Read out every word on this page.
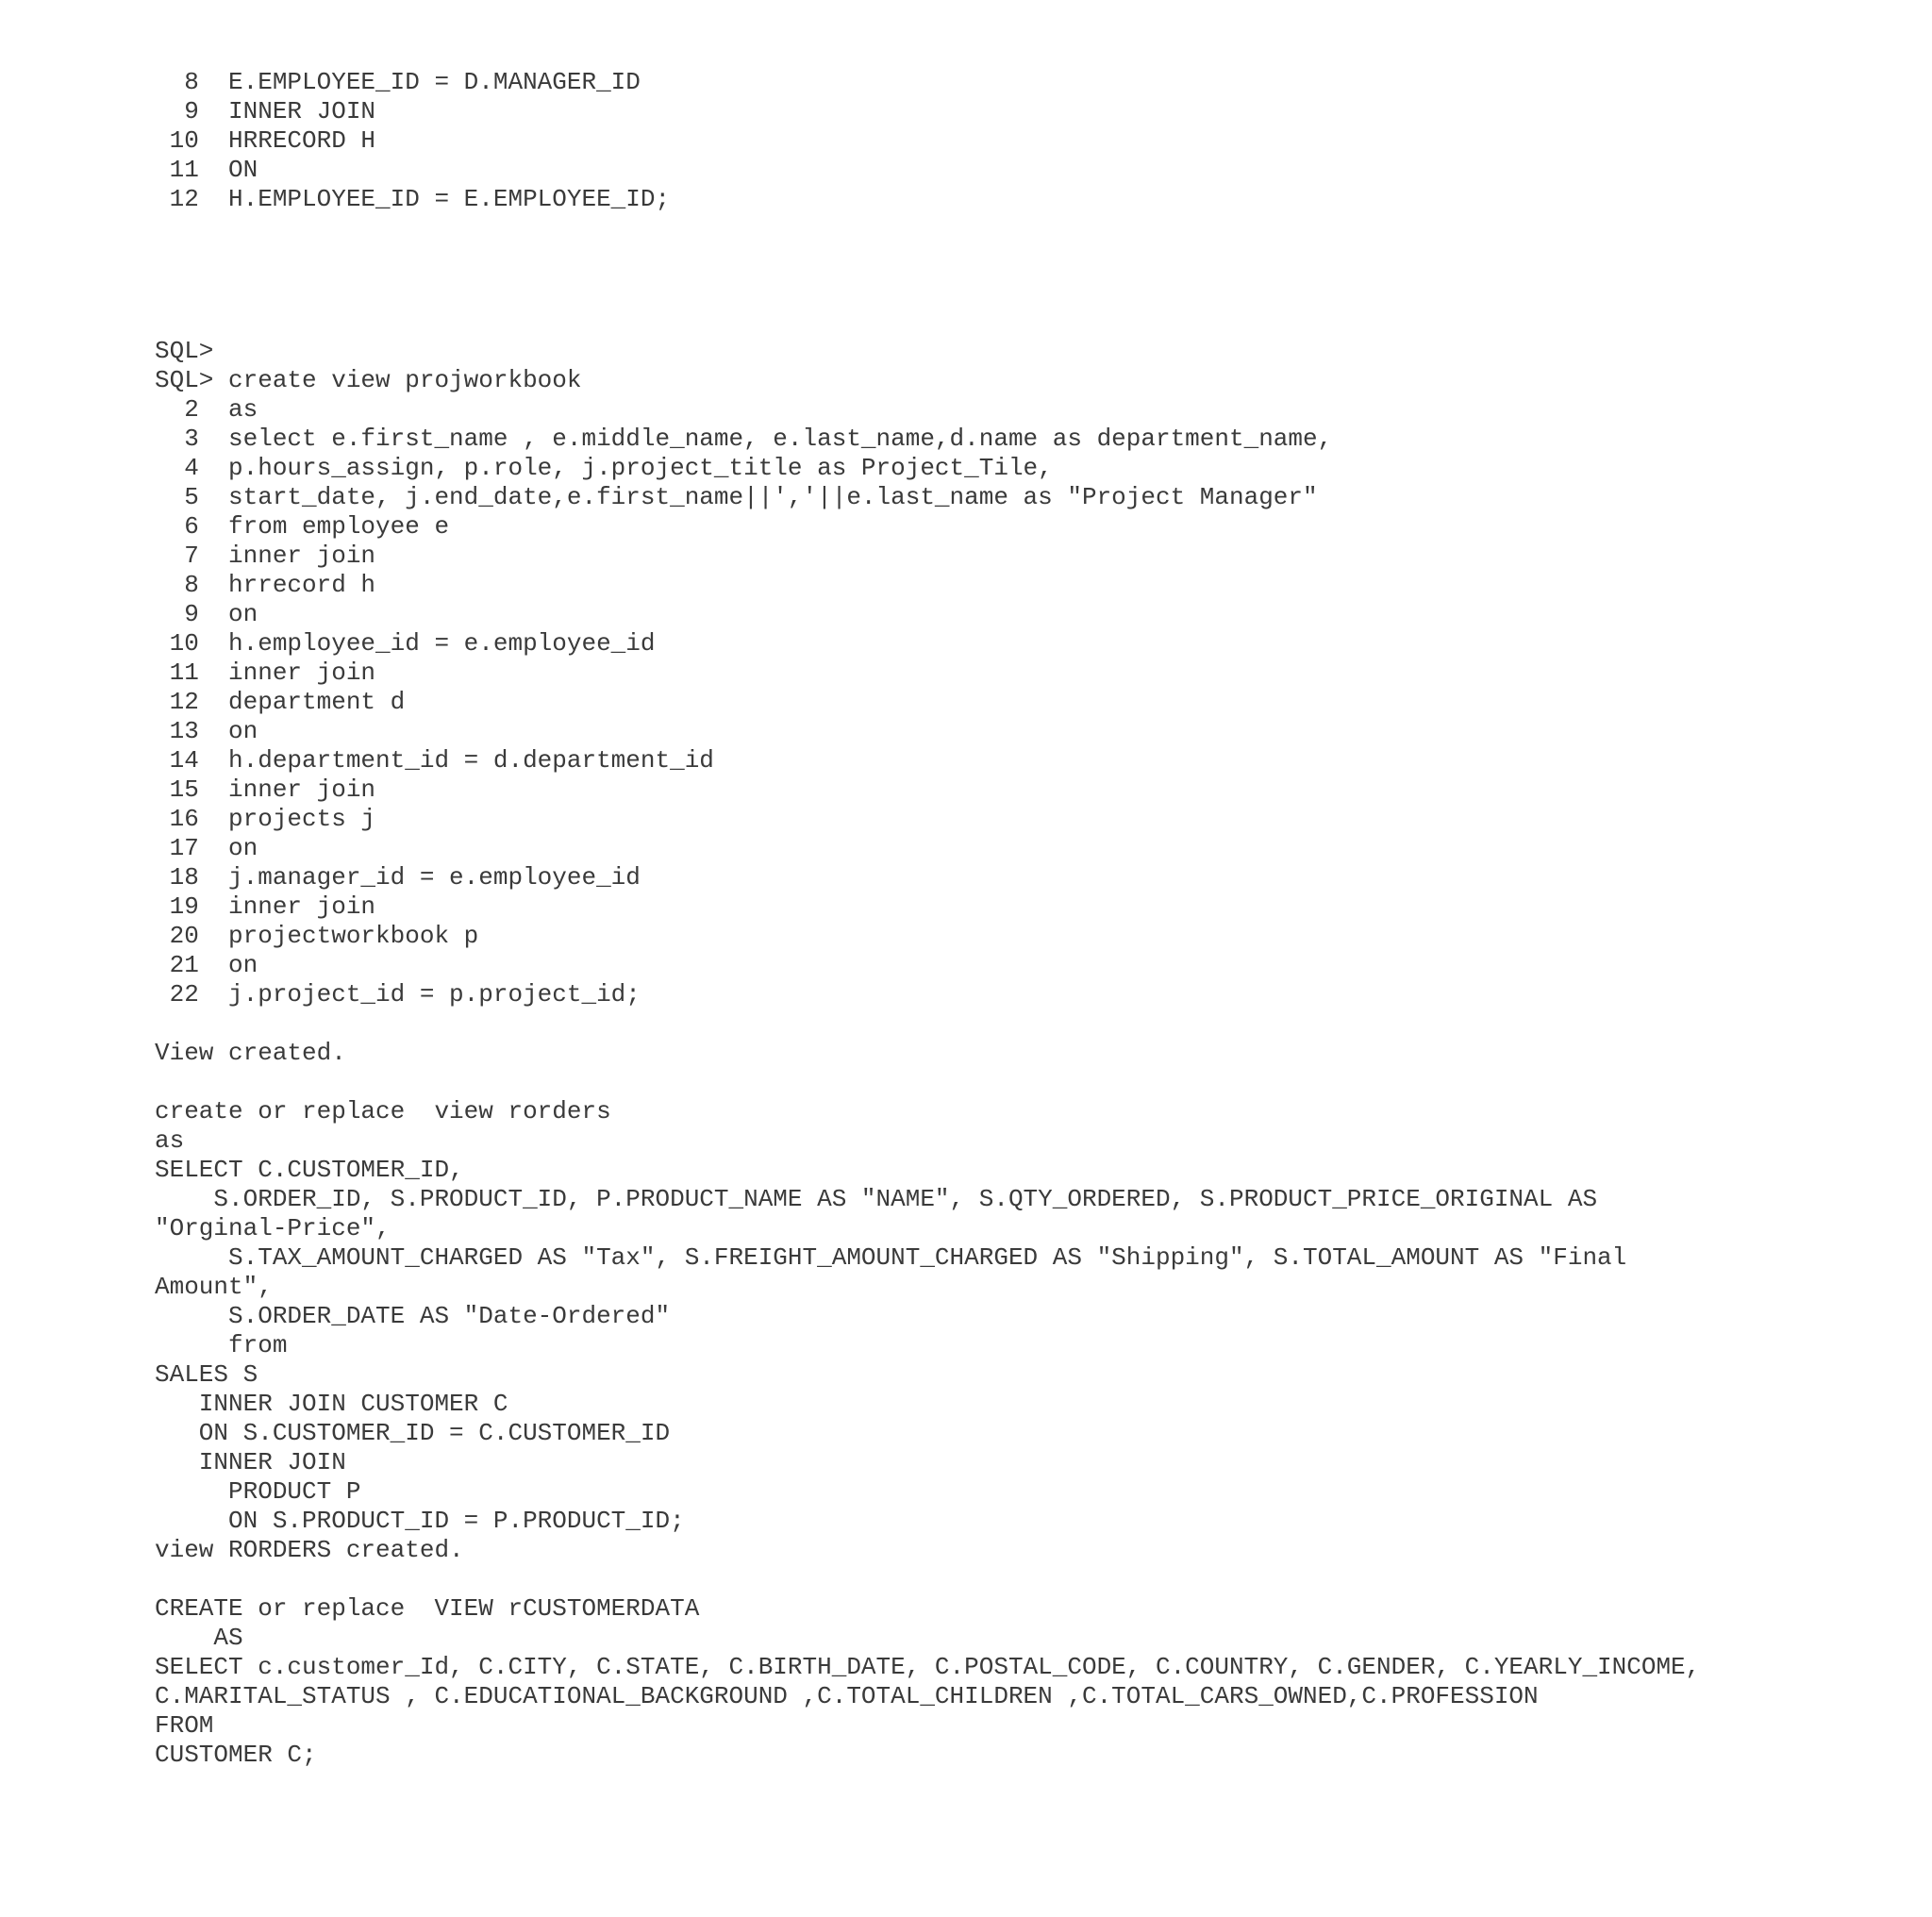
8  E.EMPLOYEE_ID = D.MANAGER_ID
9  INNER JOIN
10  HRRECORD H
11  ON
12  H.EMPLOYEE_ID = E.EMPLOYEE_ID;
SQL>
SQL> create view projworkbook
2  as
3  select e.first_name , e.middle_name, e.last_name,d.name as department_name,
4  p.hours_assign, p.role, j.project_title as Project_Tile,
5  start_date, j.end_date,e.first_name||','||e.last_name as "Project Manager"
6  from employee e
7  inner join
8  hrrecord h
9  on
10  h.employee_id = e.employee_id
11  inner join
12  department d
13  on
14  h.department_id = d.department_id
15  inner join
16  projects j
17  on
18  j.manager_id = e.employee_id
19  inner join
20  projectworkbook p
21  on
22  j.project_id = p.project_id;
View created.
create or replace  view rorders
as
SELECT C.CUSTOMER_ID,
S.ORDER_ID, S.PRODUCT_ID, P.PRODUCT_NAME AS "NAME", S.QTY_ORDERED, S.PRODUCT_PRICE_ORIGINAL AS
"Orginal-Price",
S.TAX_AMOUNT_CHARGED AS "Tax", S.FREIGHT_AMOUNT_CHARGED AS "Shipping", S.TOTAL_AMOUNT AS "Final
Amount",
S.ORDER_DATE AS "Date-Ordered"
from
SALES S
INNER JOIN CUSTOMER C
ON S.CUSTOMER_ID = C.CUSTOMER_ID
INNER JOIN
PRODUCT P
ON S.PRODUCT_ID = P.PRODUCT_ID;
view RORDERS created.
CREATE or replace  VIEW rCUSTOMERDATA
AS
SELECT c.customer_Id, C.CITY, C.STATE, C.BIRTH_DATE, C.POSTAL_CODE, C.COUNTRY, C.GENDER, C.YEARLY_INCOME,
C.MARITAL_STATUS , C.EDUCATIONAL_BACKGROUND ,C.TOTAL_CHILDREN ,C.TOTAL_CARS_OWNED,C.PROFESSION
FROM
CUSTOMER C;
